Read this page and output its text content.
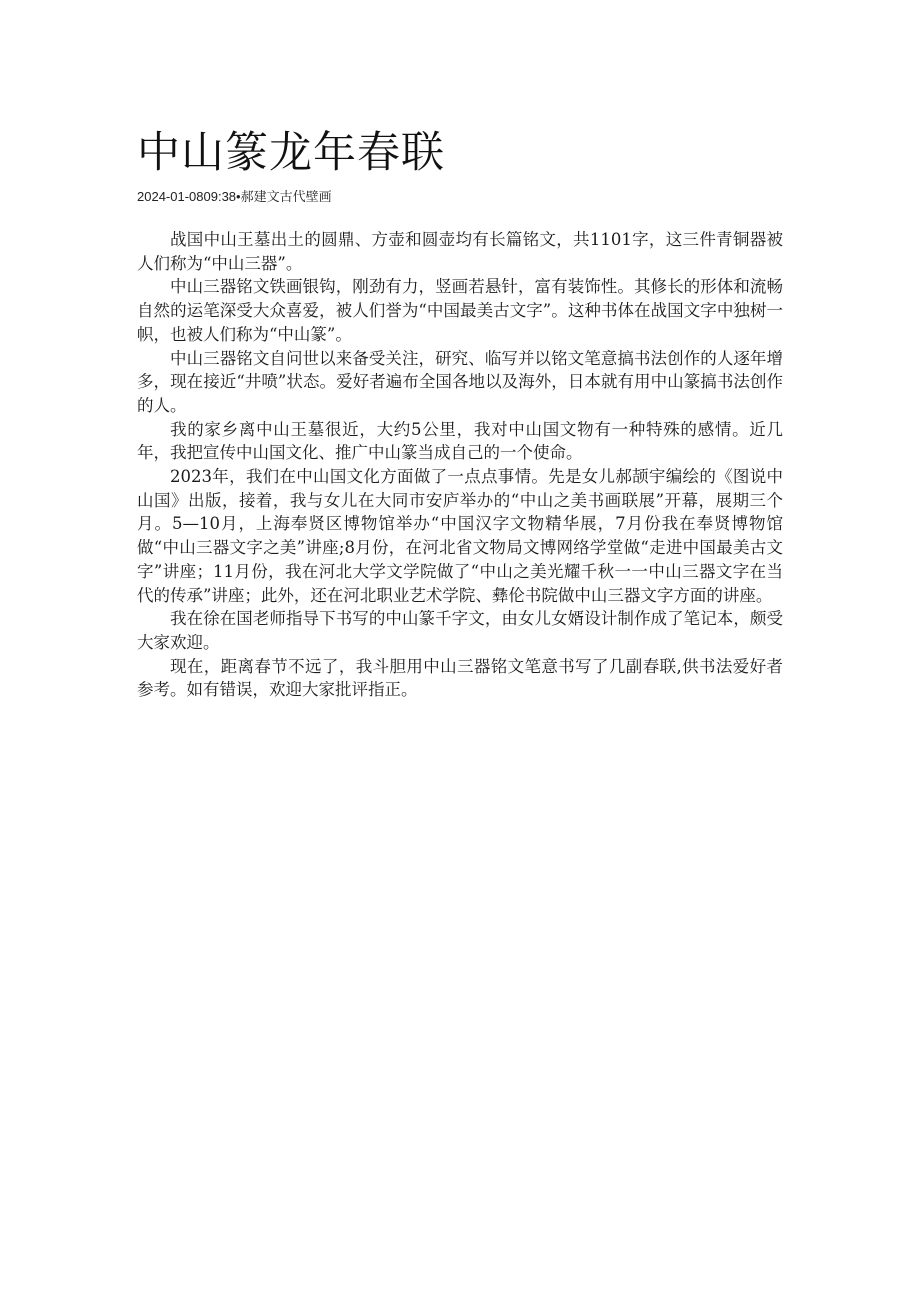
中山篆龙年春联
2024-01-0809:38•郝建文古代壁画

战国中山王墓出土的圆鼎、方壶和圆壶均有长篇铭文，共1101字，这三件青铜器被人们称为“中山三器”。

中山三器铭文铁画银钩，刚劲有力，竖画若悬针，富有装饰性。其修长的形体和流畅自然的运笔深受大众喜爱，被人们誉为“中国最美古文字”。这种书体在战国文字中独树一帜，也被人们称为“中山篆”。

中山三器铭文自问世以来备受关注，研究、临写并以铭文笔意搞书法创作的人逐年增多，现在接近“井喷”状态。爱好者遍布全国各地以及海外，日本就有用中山篆搞书法创作的人。

我的家乡离中山王墓很近，大约5公里，我对中山国文物有一种特殊的感情。近几年，我把宣传中山国文化、推广中山篆当成自己的一个使命。

2023年，我们在中山国文化方面做了一点点事情。先是女儿郝颉宇编绘的《图说中山国》出版，接着，我与女儿在大同市安庐举办的“中山之美书画联展”开幕，展期三个月。5—10月，上海奉贤区博物馆举办“中国汉字文物精华展，7月份我在奉贤博物馆做“中山三器文字之美”讲座;8月份，在河北省文物局文博网络学堂做“走进中国最美古文字”讲座；11月份，我在河北大学文学院做了“中山之美光耀千秋一一中山三器文字在当代的传承”讲座；此外，还在河北职业艺术学院、彝伦书院做中山三器文字方面的讲座。

我在徐在国老师指导下书写的中山篆千字文，由女儿女婿设计制作成了笔记本，颇受大家欢迎。

现在，距离春节不远了，我斗胆用中山三器铭文笔意书写了几副春联,供书法爱好者参考。如有错误，欢迎大家批评指正。
